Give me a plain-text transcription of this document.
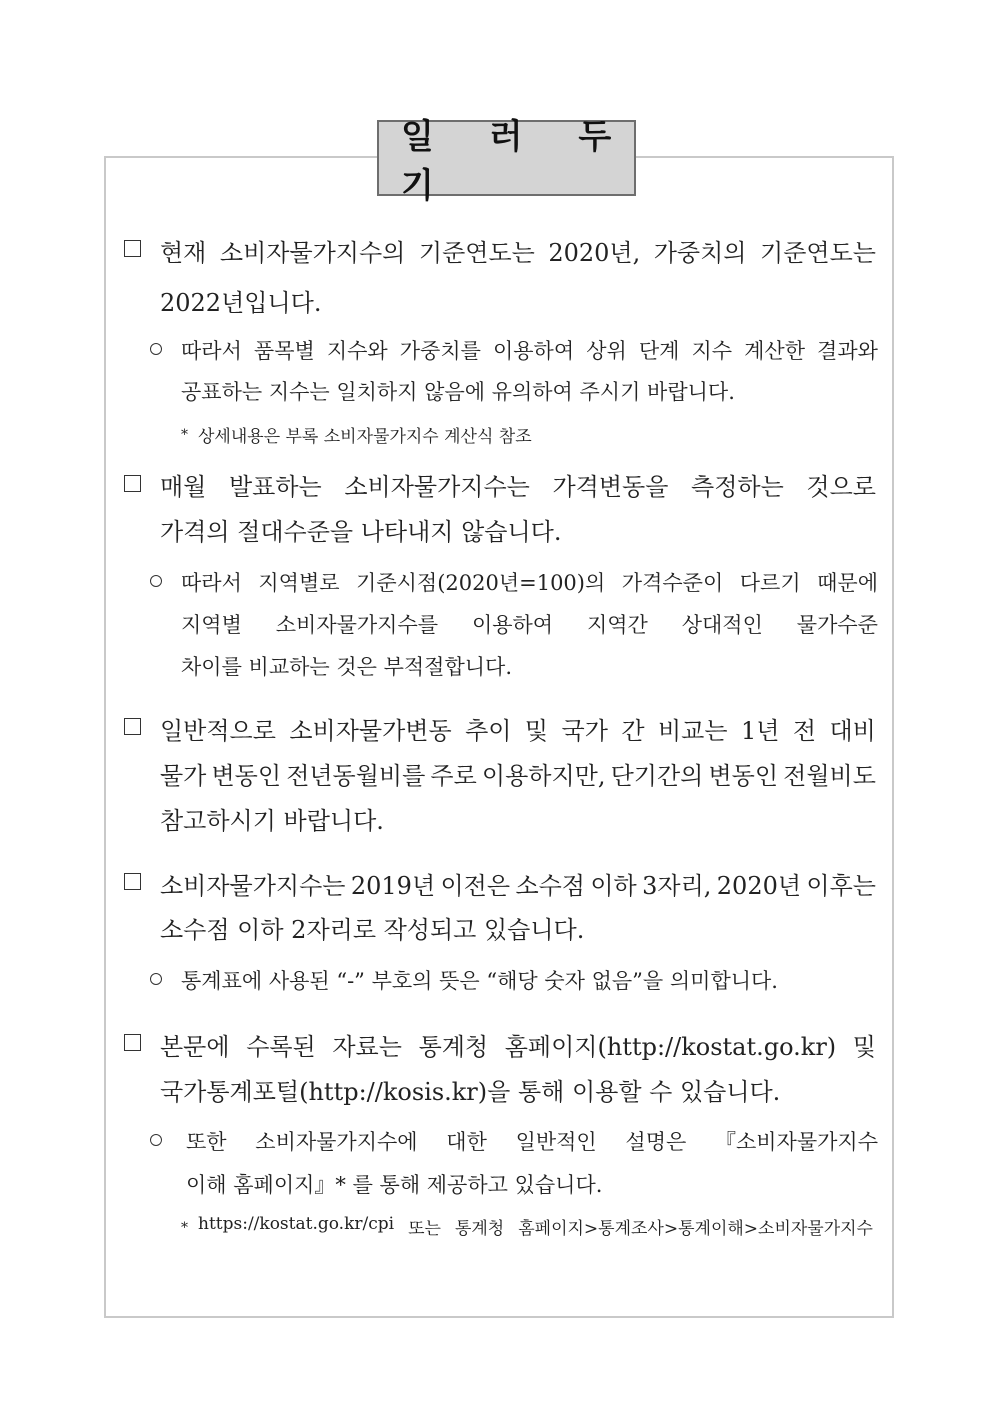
일 러 두 기
현재 소비자물가지수의 기준연도는 2020년, 가중치의 기준연도는
2022년입니다.
따라서 품목별 지수와 가중치를 이용하여 상위 단계 지수 계산한 결과와
공표하는 지수는 일치하지 않음에 유의하여 주시기 바랍니다.
* 상세내용은 부록 소비자물가지수 계산식 참조
매월 발표하는 소비자물가지수는 가격변동을 측정하는 것으로
가격의 절대수준을 나타내지 않습니다.
따라서 지역별로 기준시점(2020년=100)의 가격수준이 다르기 때문에
지역별 소비자물가지수를 이용하여 지역간 상대적인 물가수준
차이를 비교하는 것은 부적절합니다.
일반적으로 소비자물가변동 추이 및 국가 간 비교는 1년 전 대비
물가 변동인 전년동월비를 주로 이용하지만, 단기간의 변동인 전월비도
참고하시기 바랍니다.
소비자물가지수는 2019년 이전은 소수점 이하 3자리, 2020년 이후는
소수점 이하 2자리로 작성되고 있습니다.
통계표에 사용된 “-” 부호의 뜻은 “해당 숫자 없음”을 의미합니다.
본문에 수록된 자료는 통계청 홈페이지(http://kostat.go.kr) 및
국가통계포털(http://kosis.kr)을 통해 이용할 수 있습니다.
또한 소비자물가지수에 대한 일반적인 설명은 『소비자물가지수
이해 홈페이지』* 를 통해 제공하고 있습니다.
* https://kostat.go.kr/cpi 또는 통계청 홈페이지>통계조사>통계이해>소비자물가지수
